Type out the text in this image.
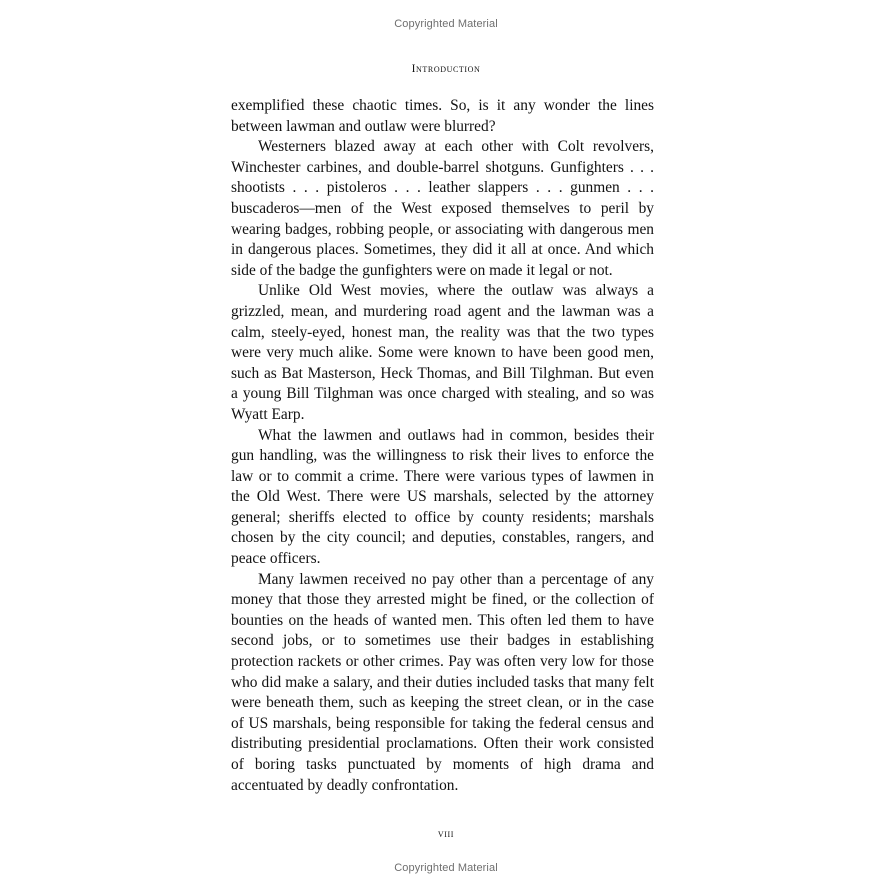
Copyrighted Material
Introduction

exemplified these chaotic times. So, is it any wonder the lines between lawman and outlaw were blurred?

Westerners blazed away at each other with Colt revolvers, Winchester carbines, and double-barrel shotguns. Gunfighters . . . shootists . . . pistoleros . . . leather slappers . . . gunmen . . . buscaderos—men of the West exposed themselves to peril by wearing badges, robbing people, or associating with dangerous men in dangerous places. Sometimes, they did it all at once. And which side of the badge the gunfighters were on made it legal or not.

Unlike Old West movies, where the outlaw was always a grizzled, mean, and murdering road agent and the lawman was a calm, steely-eyed, honest man, the reality was that the two types were very much alike. Some were known to have been good men, such as Bat Masterson, Heck Thomas, and Bill Tilghman. But even a young Bill Tilghman was once charged with stealing, and so was Wyatt Earp.

What the lawmen and outlaws had in common, besides their gun handling, was the willingness to risk their lives to enforce the law or to commit a crime. There were various types of lawmen in the Old West. There were US marshals, selected by the attorney general; sheriffs elected to office by county residents; marshals chosen by the city council; and deputies, constables, rangers, and peace officers.

Many lawmen received no pay other than a percentage of any money that those they arrested might be fined, or the collection of bounties on the heads of wanted men. This often led them to have second jobs, or to sometimes use their badges in establishing protection rackets or other crimes. Pay was often very low for those who did make a salary, and their duties included tasks that many felt were beneath them, such as keeping the street clean, or in the case of US marshals, being responsible for taking the federal census and distributing presidential proclamations. Often their work consisted of boring tasks punctuated by moments of high drama and accentuated by deadly confrontation.

viii
Copyrighted Material
